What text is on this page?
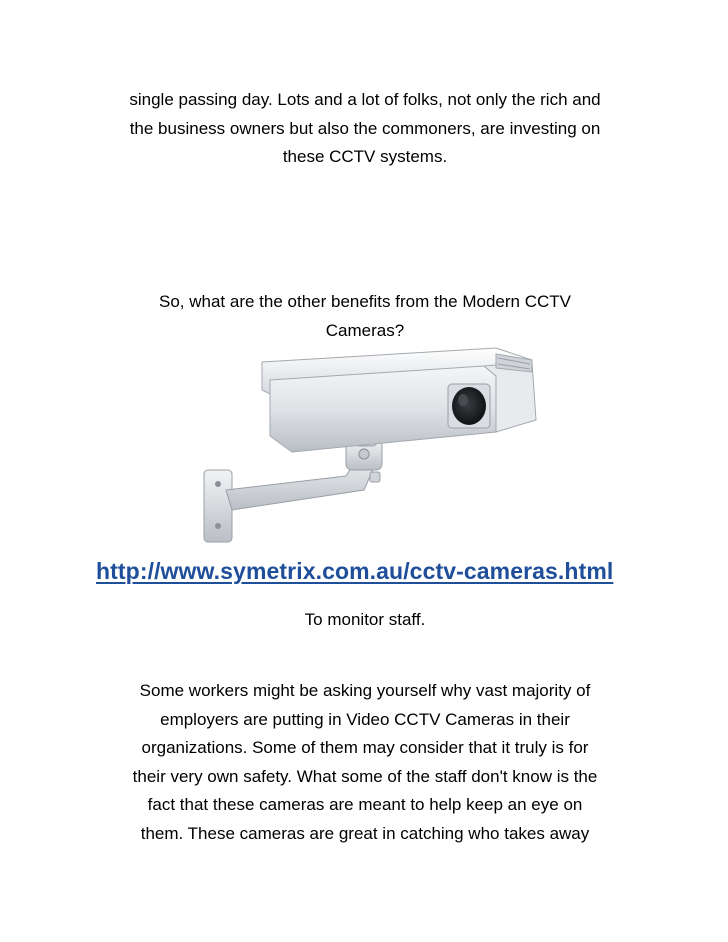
single passing day. Lots and a lot of folks, not only the rich and
the business owners but also the commoners, are investing on
these CCTV systems.

So, what are the other benefits from the Modern CCTV
Cameras?

http://www.symetrix.com.au/cctv-cameras.html

To monitor staff.

Some workers might be asking yourself why vast majority of
employers are putting in Video CCTV Cameras in their
organizations. Some of them may consider that it truly is for
their very own safety. What some of the staff don't know is the
fact that these cameras are meant to help keep an eye on
them. These cameras are great in catching who takes away
